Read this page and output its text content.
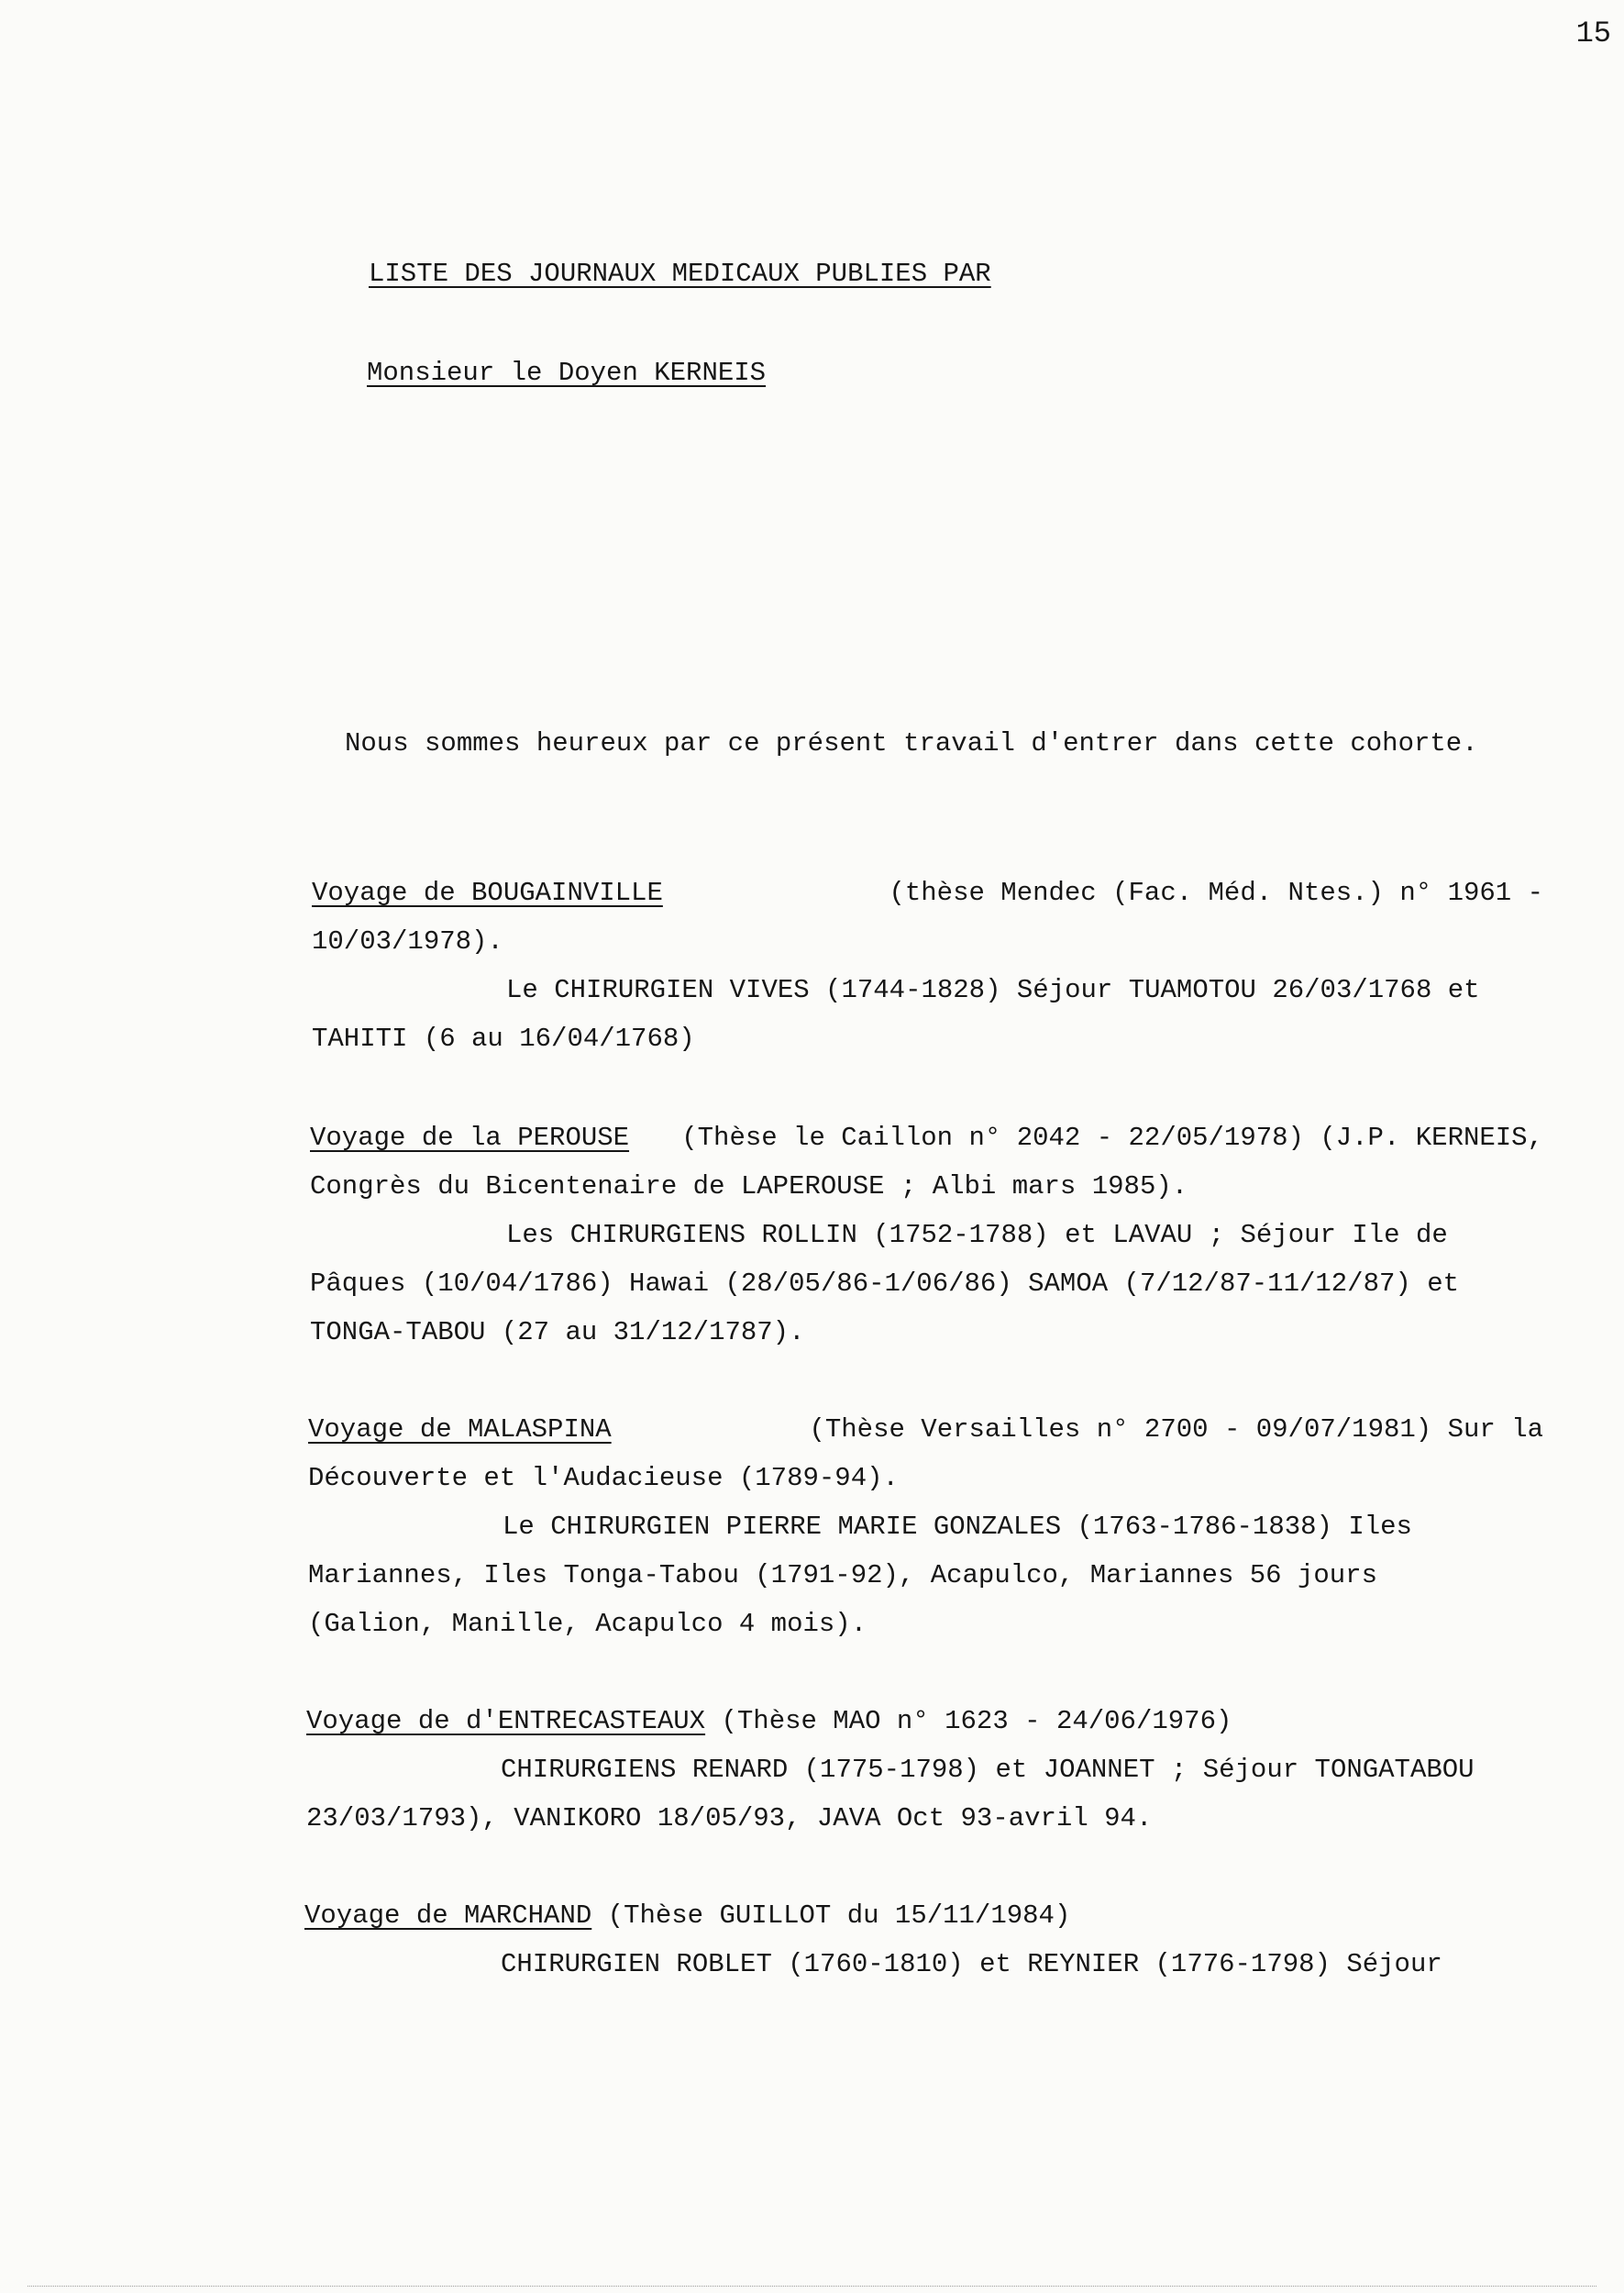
15
LISTE DES JOURNAUX MEDICAUX PUBLIES PAR
Monsieur le Doyen KERNEIS
Nous sommes heureux par ce présent travail d'entrer dans cette cohorte.
Voyage de BOUGAINVILLE	(thèse Mendec (Fac. Méd. Ntes.) n° 1961 -
10/03/1978).
Le CHIRURGIEN VIVES (1744-1828) Séjour TUAMOTOU 26/03/1768 et
TAHITI (6 au 16/04/1768)
Voyage de la PEROUSE (Thèse le Caillon n° 2042 - 22/05/1978) (J.P. KERNEIS,
Congrès du Bicentenaire de LAPEROUSE ; Albi mars 1985).
Les CHIRURGIENS ROLLIN (1752-1788) et LAVAU ; Séjour Ile de
Pâques (10/04/1786) Hawai (28/05/86-1/06/86) SAMOA (7/12/87-11/12/87) et
TONGA-TABOU (27 au 31/12/1787).
Voyage de MALASPINA	(Thèse Versailles n° 2700 - 09/07/1981) Sur la
Découverte et l'Audacieuse (1789-94).
Le CHIRURGIEN PIERRE MARIE GONZALES (1763-1786-1838) Iles
Mariannes, Iles Tonga-Tabou (1791-92), Acapulco, Mariannes 56 jours
(Galion, Manille, Acapulco 4 mois).
Voyage de d'ENTRECASTEAUX (Thèse MAO n° 1623 - 24/06/1976)
CHIRURGIENS RENARD (1775-1798) et JOANNET ; Séjour TONGATABOU
23/03/1793), VANIKORO 18/05/93, JAVA Oct 93-avril 94.
Voyage de MARCHAND (Thèse GUILLOT du 15/11/1984)
CHIRURGIEN ROBLET (1760-1810) et REYNIER (1776-1798) Séjour
